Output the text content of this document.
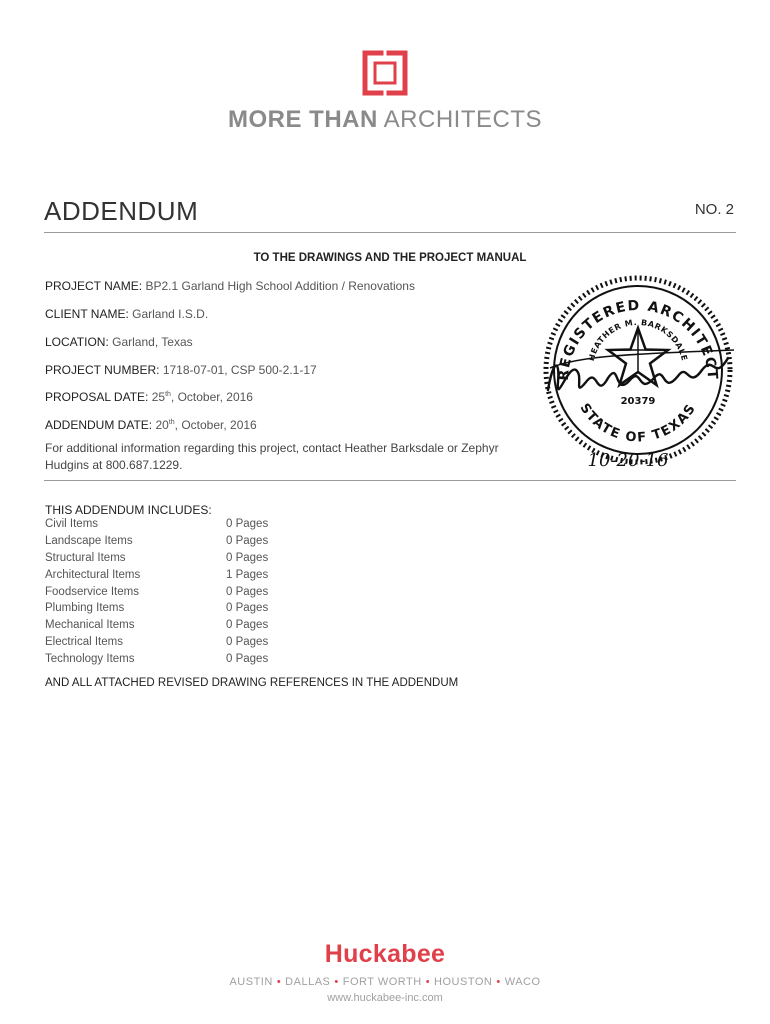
MORE THAN ARCHITECTS
ADDENDUM	NO. 2
TO THE DRAWINGS AND THE PROJECT MANUAL
PROJECT NAME: BP2.1 Garland High School Addition / Renovations
CLIENT NAME: Garland I.S.D.
LOCATION: Garland, Texas
PROJECT NUMBER: 1718-07-01, CSP 500-2.1-17
PROPOSAL DATE: 25th, October, 2016
ADDENDUM DATE: 20th, October, 2016
For additional information regarding this project, contact Heather Barksdale or Zephyr Hudgins at 800.687.1229.
THIS ADDENDUM INCLUDES:
Civil Items	0 Pages
Landscape Items	0 Pages
Structural Items	0 Pages
Architectural Items	1 Pages
Foodservice Items	0 Pages
Plumbing Items	0 Pages
Mechanical Items	0 Pages
Electrical Items	0 Pages
Technology Items	0 Pages
AND ALL ATTACHED REVISED DRAWING REFERENCES IN THE ADDENDUM
REGISTERED ARCHITECT
HEATHER M. BARKSDALE
STATE OF TEXAS
20379
10-20-16
Huckabee
AUSTIN • DALLAS • FORT WORTH • HOUSTON • WACO
www.huckabee-inc.com
